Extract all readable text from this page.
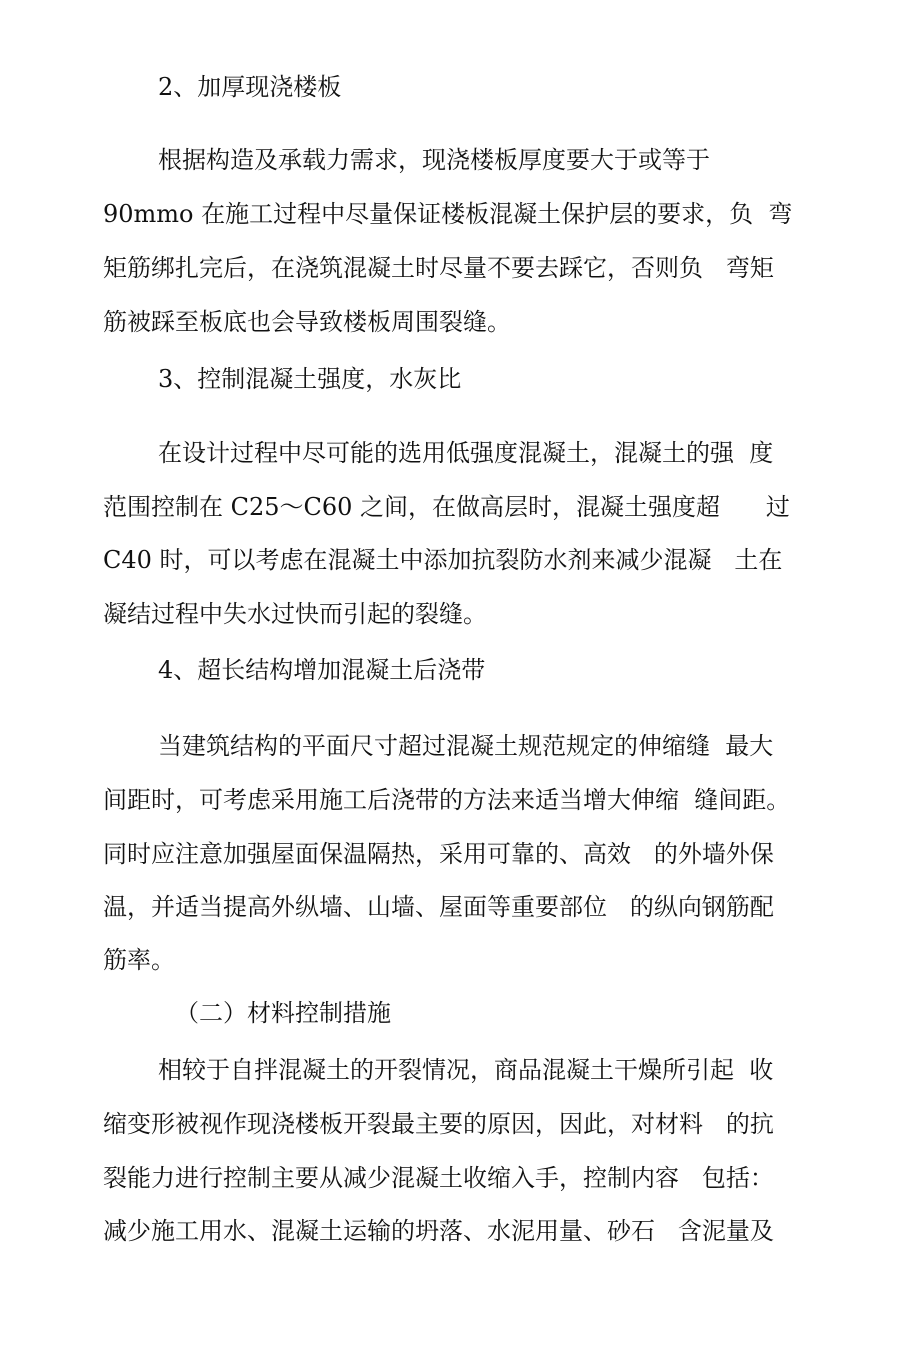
2、加厚现浇楼板
根据构造及承载力需求，现浇楼板厚度要大于或等于
90mmo 在施工过程中尽量保证楼板混凝土保护层的要求，负  弯
矩筋绑扎完后，在浇筑混凝土时尽量不要去踩它，否则负   弯矩
筋被踩至板底也会导致楼板周围裂缝。
3、控制混凝土强度，水灰比
在设计过程中尽可能的选用低强度混凝土，混凝土的强  度
范围控制在 C25～C60 之间，在做高层时，混凝土强度超      过
C40 时，可以考虑在混凝土中添加抗裂防水剂来减少混凝   土在
凝结过程中失水过快而引起的裂缝。
4、超长结构增加混凝土后浇带
当建筑结构的平面尺寸超过混凝土规范规定的伸缩缝  最大
间距时，可考虑采用施工后浇带的方法来适当增大伸缩  缝间距。
同时应注意加强屋面保温隔热，采用可靠的、高效   的外墙外保
温，并适当提高外纵墙、山墙、屋面等重要部位   的纵向钢筋配
筋率。
（二）材料控制措施
相较于自拌混凝土的开裂情况，商品混凝土干燥所引起  收
缩变形被视作现浇楼板开裂最主要的原因，因此，对材料   的抗
裂能力进行控制主要从减少混凝土收缩入手，控制内容   包括：
减少施工用水、混凝土运输的坍落、水泥用量、砂石   含泥量及
